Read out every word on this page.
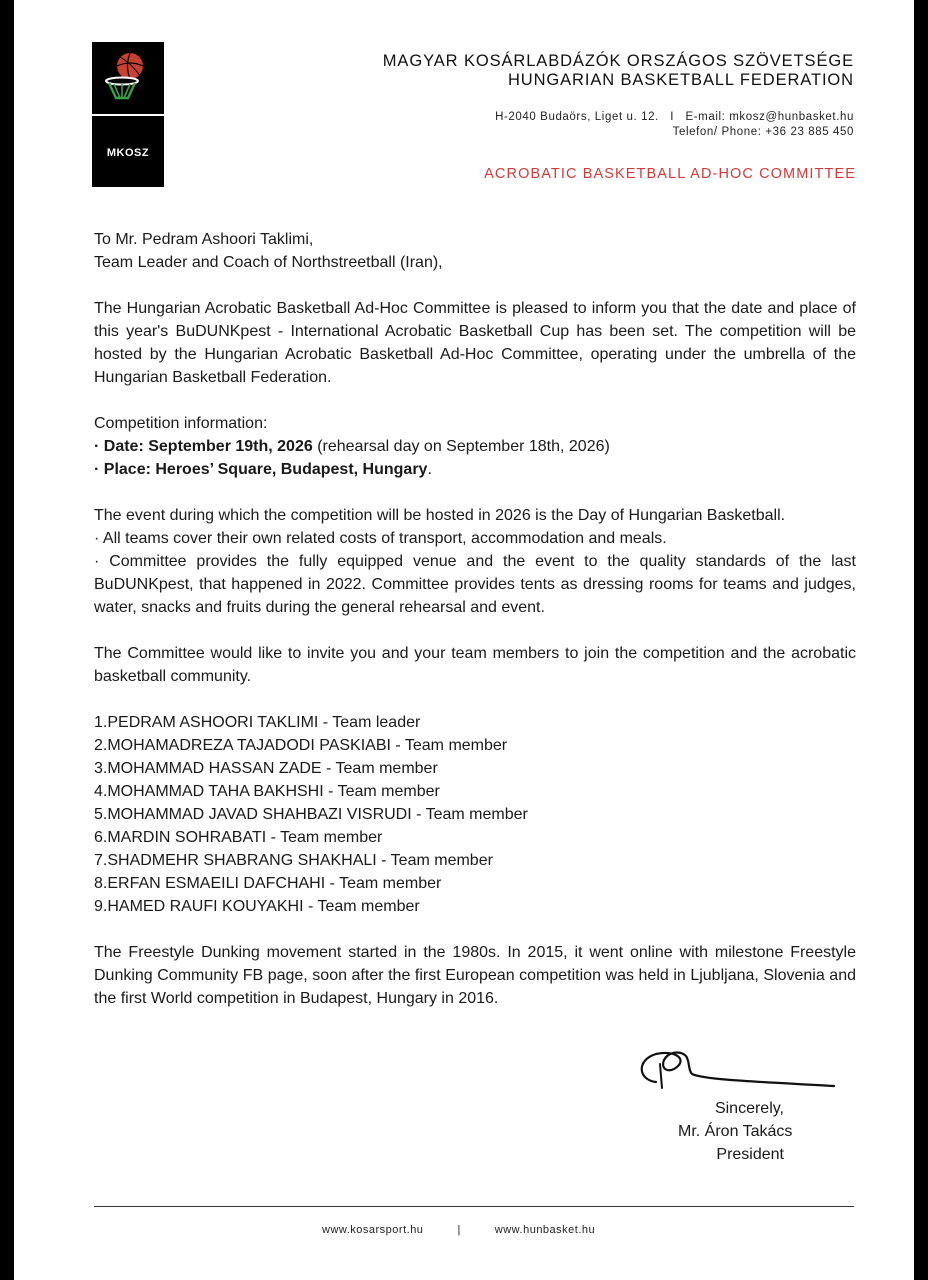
MKOSZ
MAGYAR KOSÁRLABDÁZÓK ORSZÁGOS SZÖVETSÉGE
HUNGARIAN BASKETBALL FEDERATION
H-2040 Budaörs, Liget u. 12.   I   E-mail: mkosz@hunbasket.hu
Telefon/ Phone: +36 23 885 450
ACROBATIC BASKETBALL AD-HOC COMMITTEE

To Mr. Pedram Ashoori Taklimi,

Team Leader and Coach of Northstreetball (Iran),

The Hungarian Acrobatic Basketball Ad-Hoc Committee is pleased to inform you that the date and place of this year's BuDUNKpest - International Acrobatic Basketball Cup has been set. The competition will be hosted by the Hungarian Acrobatic Basketball Ad-Hoc Committee, operating under the umbrella of the Hungarian Basketball Federation.

Competition information:

· Date: September 19th, 2026 (rehearsal day on September 18th, 2026)

· Place: Heroes’ Square, Budapest, Hungary.

The event during which the competition will be hosted in 2026 is the Day of Hungarian Basketball.

· All teams cover their own related costs of transport, accommodation and meals.

· Committee provides the fully equipped venue and the event to the quality standards of the last BuDUNKpest, that happened in 2022. Committee provides tents as dressing rooms for teams and judges, water, snacks and fruits during the general rehearsal and event.

The Committee would like to invite you and your team members to join the competition and the acrobatic basketball community.

1.PEDRAM ASHOORI TAKLIMI - Team leader
2.MOHAMADREZA TAJADODI PASKIABI - Team member
3.MOHAMMAD HASSAN ZADE - Team member
4.MOHAMMAD TAHA BAKHSHI - Team member
5.MOHAMMAD JAVAD SHAHBAZI VISRUDI - Team member
6.MARDIN SOHRABATI - Team member
7.SHADMEHR SHABRANG SHAKHALI - Team member
8.ERFAN ESMAEILI DAFCHAHI - Team member
9.HAMED RAUFI KOUYAKHI - Team member

The Freestyle Dunking movement started in the 1980s. In 2015, it went online with milestone Freestyle Dunking Community FB page, soon after the first European competition was held in Ljubljana, Slovenia and the first World competition in Budapest, Hungary in 2016.

Sincerely,
Mr. Áron Takács
President
www.kosarsport.hu	|	www.hunbasket.hu
